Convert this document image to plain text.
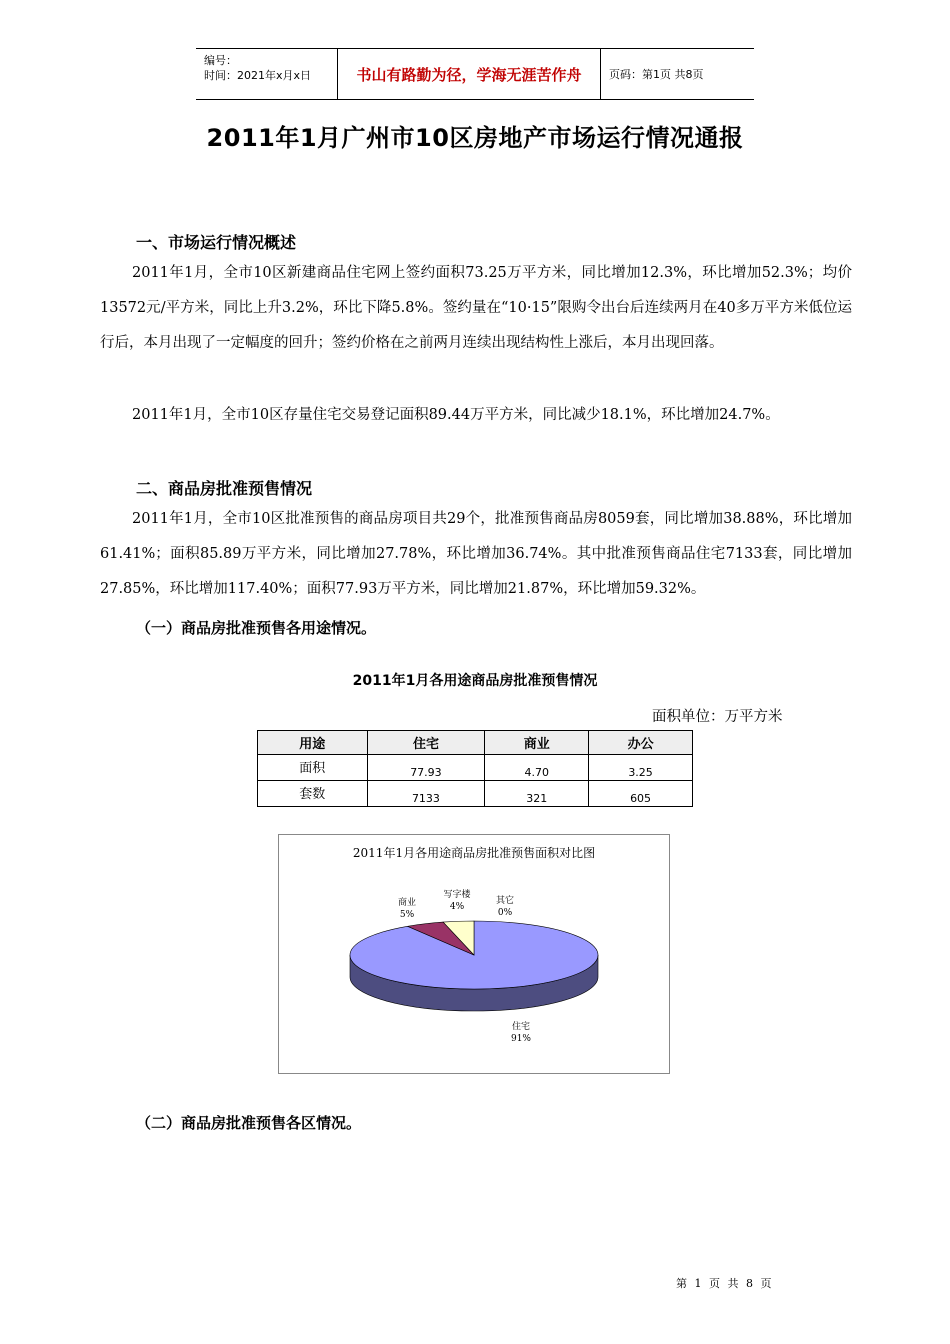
编号：
时间：2021年x月x日	书山有路勤为径，学海无涯苦作舟	页码：第1页 共8页
2011年1月广州市10区房地产市场运行情况通报
一、市场运行情况概述

2011年1月，全市10区新建商品住宅网上签约面积73.25万平方米，同比增加12.3%，环比增加52.3%；均价13572元/平方米，同比上升3.2%，环比下降5.8%。签约量在“10·15”限购令出台后连续两月在40多万平方米低位运行后，本月出现了一定幅度的回升；签约价格在之前两月连续出现结构性上涨后，本月出现回落。

2011年1月，全市10区存量住宅交易登记面积89.44万平方米，同比减少18.1%，环比增加24.7%。

二、商品房批准预售情况

2011年1月，全市10区批准预售的商品房项目共29个，批准预售商品房8059套，同比增加38.88%，环比增加61.41%；面积85.89万平方米，同比增加27.78%，环比增加36.74%。其中批准预售商品住宅7133套，同比增加27.85%，环比增加117.40%；面积77.93万平方米，同比增加21.87%，环比增加59.32%。

（一）商品房批准预售各用途情况。
2011年1月各用途商品房批准预售情况
面积单位：万平方米
用途	住宅	商业	办公
面积	77.93	4.70	3.25
套数	7133	321	605
2011年1月各用途商品房批准预售面积对比图
住宅
91%
商业
5%
写字楼
4%
其它
0%
（二）商品房批准预售各区情况。
第 1 页 共 8 页
